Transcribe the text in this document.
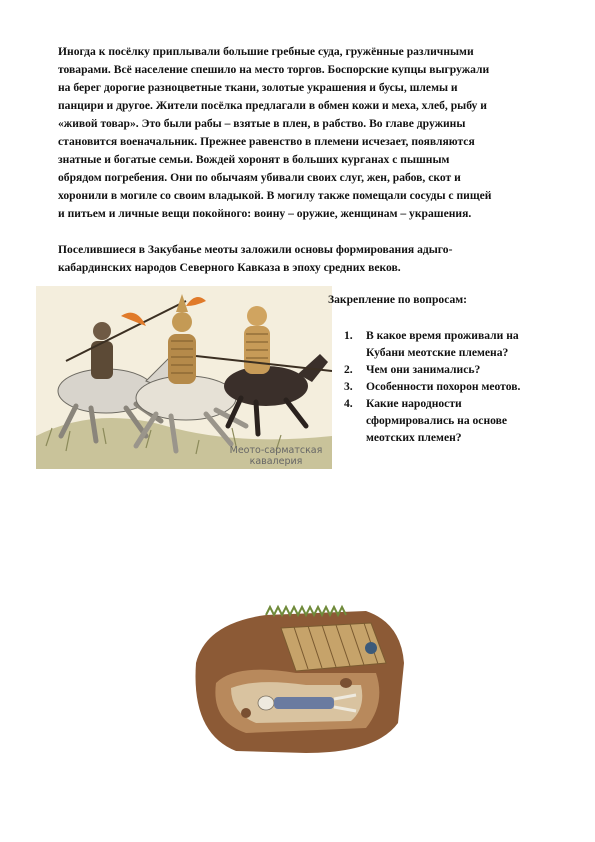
Иногда к посёлку приплывали большие гребные суда, гружённые различными
товарами. Всё население спешило на место торгов. Боспорские купцы выгружали
на берег дорогие разноцветные ткани, золотые украшения и бусы, шлемы и
панцири и другое. Жители посёлка предлагали в обмен кожи и меха, хлеб, рыбу и
«живой товар». Это были рабы – взятые в плен, в рабство. Во главе дружины
становится военачальник. Прежнее равенство в племени исчезает, появляются
знатные и богатые семьи. Вождей хоронят в больших курганах с пышным
обрядом погребения. Они по обычаям убивали своих слуг, жен, рабов, скот и
хоронили в могиле со своим владыкой. В могилу также помещали сосуды с пищей
и питьем и личные вещи покойного: воину – оружие, женщинам – украшения.
Поселившиеся в Закубанье меоты заложили основы формирования адыго-
кабардинских народов Северного Кавказа в эпоху средних веков.
Меото-сарматская
кавалерия
Закрепление по вопросам:
1.	В какое время проживали на
Кубани меотские племена?
2.	Чем они занимались?
3.	Особенности похорон меотов.
4.	Какие народности
сформировались на основе
меотских племен?
